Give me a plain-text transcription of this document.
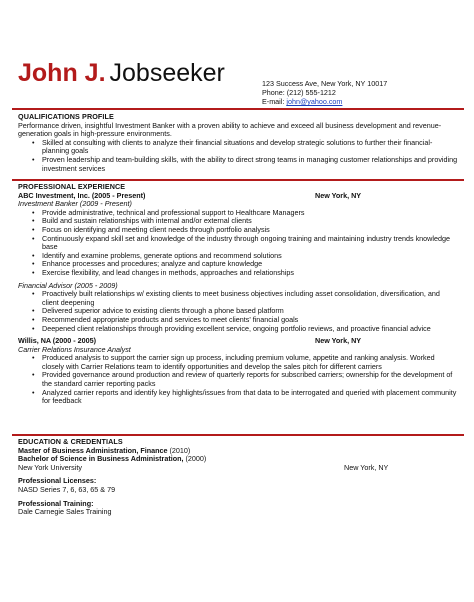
John J. Jobseeker	123 Success Ave, New York, NY 10017
Phone: (212) 555-1212
E-mail: john@yahoo.com
QUALIFICATIONS PROFILE
Performance driven, insightful Investment Banker with a proven ability to achieve and exceed all business development and revenue-generation goals in high-pressure environments.
• Skilled at consulting with clients to analyze their financial situations and develop strategic solutions to further their financial-planning goals
• Proven leadership and team-building skills, with the ability to direct strong teams in managing customer relationships and providing investment services
PROFESSIONAL EXPERIENCE
ABC Investment, Inc. (2005 - Present)	New York, NY
Investment Banker (2009 - Present)
• Provide administrative, technical and professional support to Healthcare Managers
• Build and sustain relationships with internal and/or external clients
• Focus on identifying and meeting client needs through portfolio analysis
• Continuously expand skill set and knowledge of the industry through ongoing training and maintaining industry trends knowledge base
• Identify and examine problems, generate options and recommend solutions
• Enhance processes and procedures; analyze and capture knowledge
• Exercise flexibility, and lead changes in methods, approaches and relationships
Financial Advisor (2005 - 2009)
• Proactively built relationships w/ existing clients to meet business objectives including asset consolidation, diversification, and client deepening
• Delivered superior advice to existing clients through a phone based platform
• Recommended appropriate products and services to meet clients' financial goals
• Deepened client relationships through providing excellent service, ongoing portfolio reviews, and proactive financial advice
Willis, NA (2000 - 2005)	New York, NY
Carrier Relations Insurance Analyst
• Produced analysis to support the carrier sign up process, including premium volume, appetite and ranking analysis. Worked closely with Carrier Relations team to identify opportunities and develop the sales pitch for different carriers
• Provided governance around production and review of quarterly reports for subscribed carriers; ownership for the development of the standard carrier reporting packs
• Analyzed carrier reports and identify key highlights/issues from that data to be interrogated and queried with placement community for feedback
EDUCATION & CREDENTIALS
Master of Business Administration, Finance (2010)
Bachelor of Science in Business Administration, (2000)
New York University	New York, NY
Professional Licenses:
NASD Series 7, 6, 63, 65 & 79
Professional Training:
Dale Carnegie Sales Training
